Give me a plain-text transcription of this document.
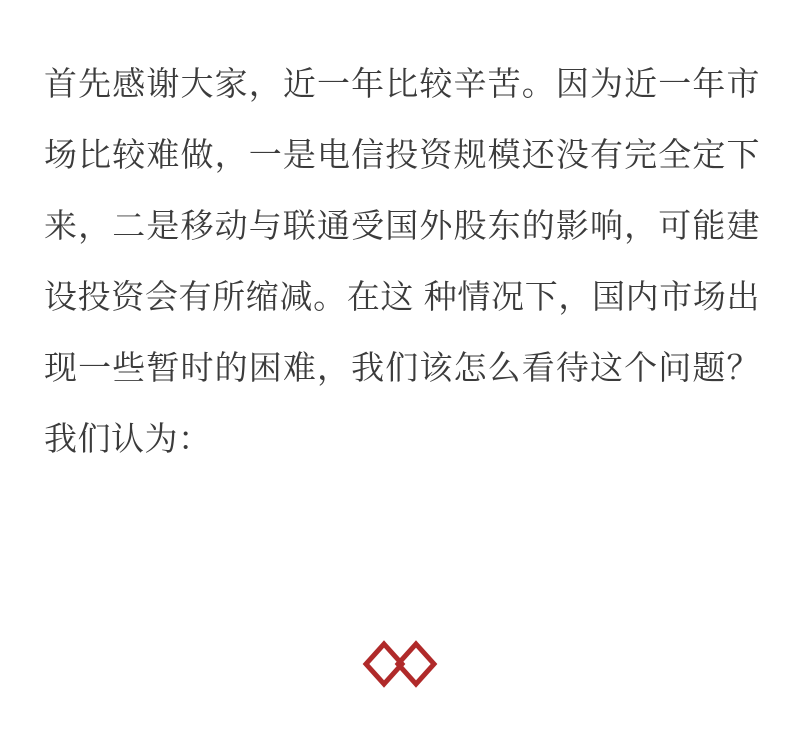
首先感谢大家，近一年比较辛苦。因为近一年市场比较难做，一是电信投资规模还没有完全定下来，二是移动与联通受国外股东的影响，可能建设投资会有所缩减。在这 种情况下，国内市场出现一些暂时的困难，我们该怎么看待这个问题？我们认为：
